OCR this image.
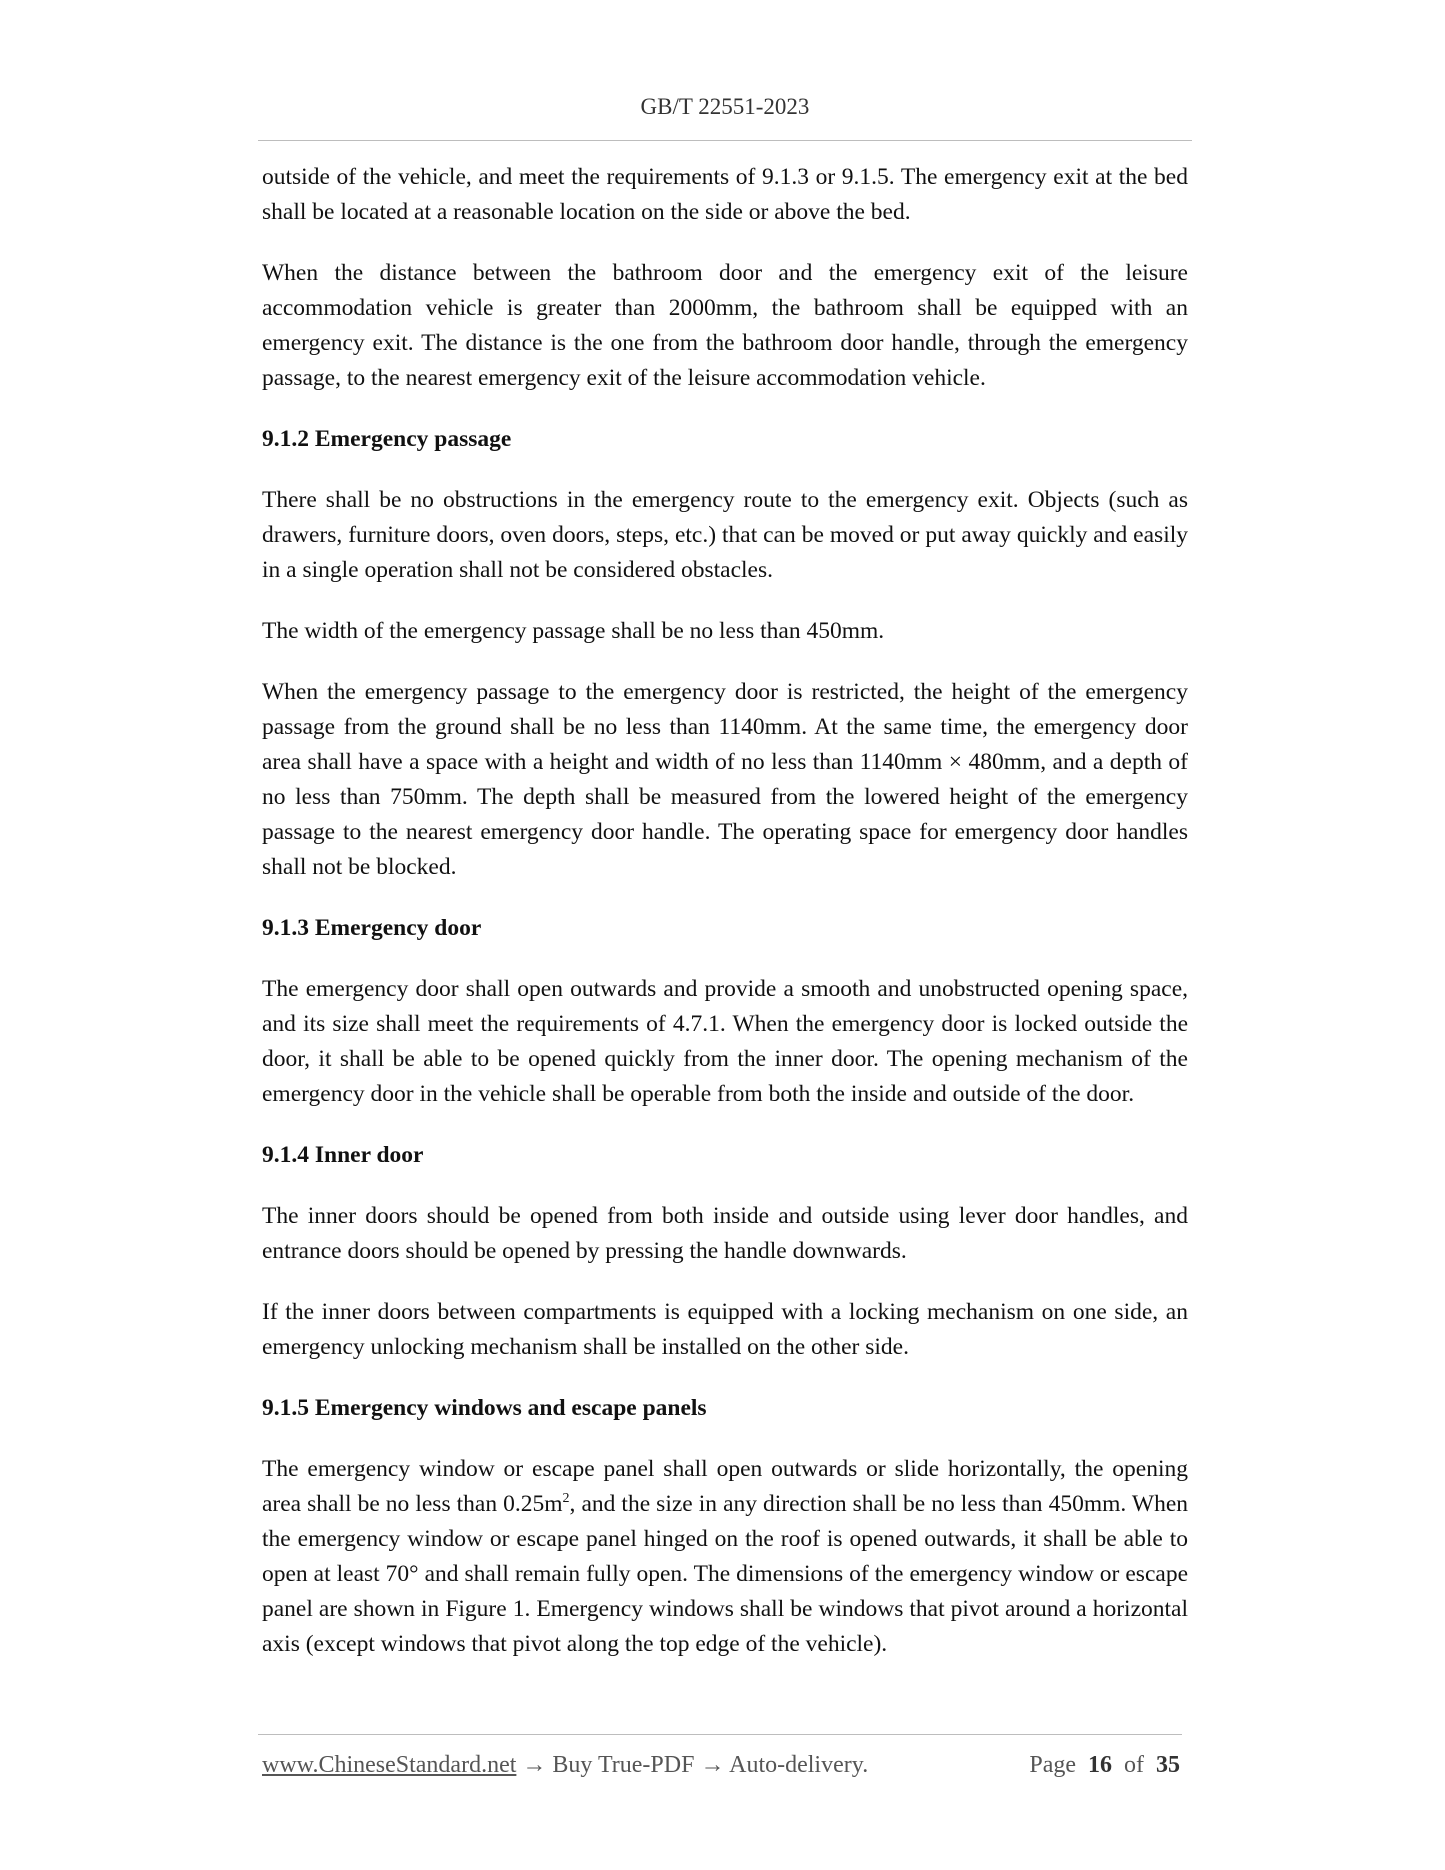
GB/T 22551-2023

outside of the vehicle, and meet the requirements of 9.1.3 or 9.1.5. The emergency exit at the bed shall be located at a reasonable location on the side or above the bed.

When the distance between the bathroom door and the emergency exit of the leisure accommodation vehicle is greater than 2000mm, the bathroom shall be equipped with an emergency exit. The distance is the one from the bathroom door handle, through the emergency passage, to the nearest emergency exit of the leisure accommodation vehicle.

9.1.2 Emergency passage

There shall be no obstructions in the emergency route to the emergency exit. Objects (such as drawers, furniture doors, oven doors, steps, etc.) that can be moved or put away quickly and easily in a single operation shall not be considered obstacles.

The width of the emergency passage shall be no less than 450mm.

When the emergency passage to the emergency door is restricted, the height of the emergency passage from the ground shall be no less than 1140mm. At the same time, the emergency door area shall have a space with a height and width of no less than 1140mm × 480mm, and a depth of no less than 750mm. The depth shall be measured from the lowered height of the emergency passage to the nearest emergency door handle. The operating space for emergency door handles shall not be blocked.

9.1.3 Emergency door

The emergency door shall open outwards and provide a smooth and unobstructed opening space, and its size shall meet the requirements of 4.7.1. When the emergency door is locked outside the door, it shall be able to be opened quickly from the inner door. The opening mechanism of the emergency door in the vehicle shall be operable from both the inside and outside of the door.

9.1.4 Inner door

The inner doors should be opened from both inside and outside using lever door handles, and entrance doors should be opened by pressing the handle downwards.

If the inner doors between compartments is equipped with a locking mechanism on one side, an emergency unlocking mechanism shall be installed on the other side.

9.1.5 Emergency windows and escape panels

The emergency window or escape panel shall open outwards or slide horizontally, the opening area shall be no less than $0.25m^2$, and the size in any direction shall be no less than 450mm. When the emergency window or escape panel hinged on the roof is opened outwards, it shall be able to open at least 70° and shall remain fully open. The dimensions of the emergency window or escape panel are shown in Figure 1. Emergency windows shall be windows that pivot around a horizontal axis (except windows that pivot along the top edge of the vehicle).

www.ChineseStandard.net → Buy True-PDF → Auto-delivery.	Page 16 of 35
